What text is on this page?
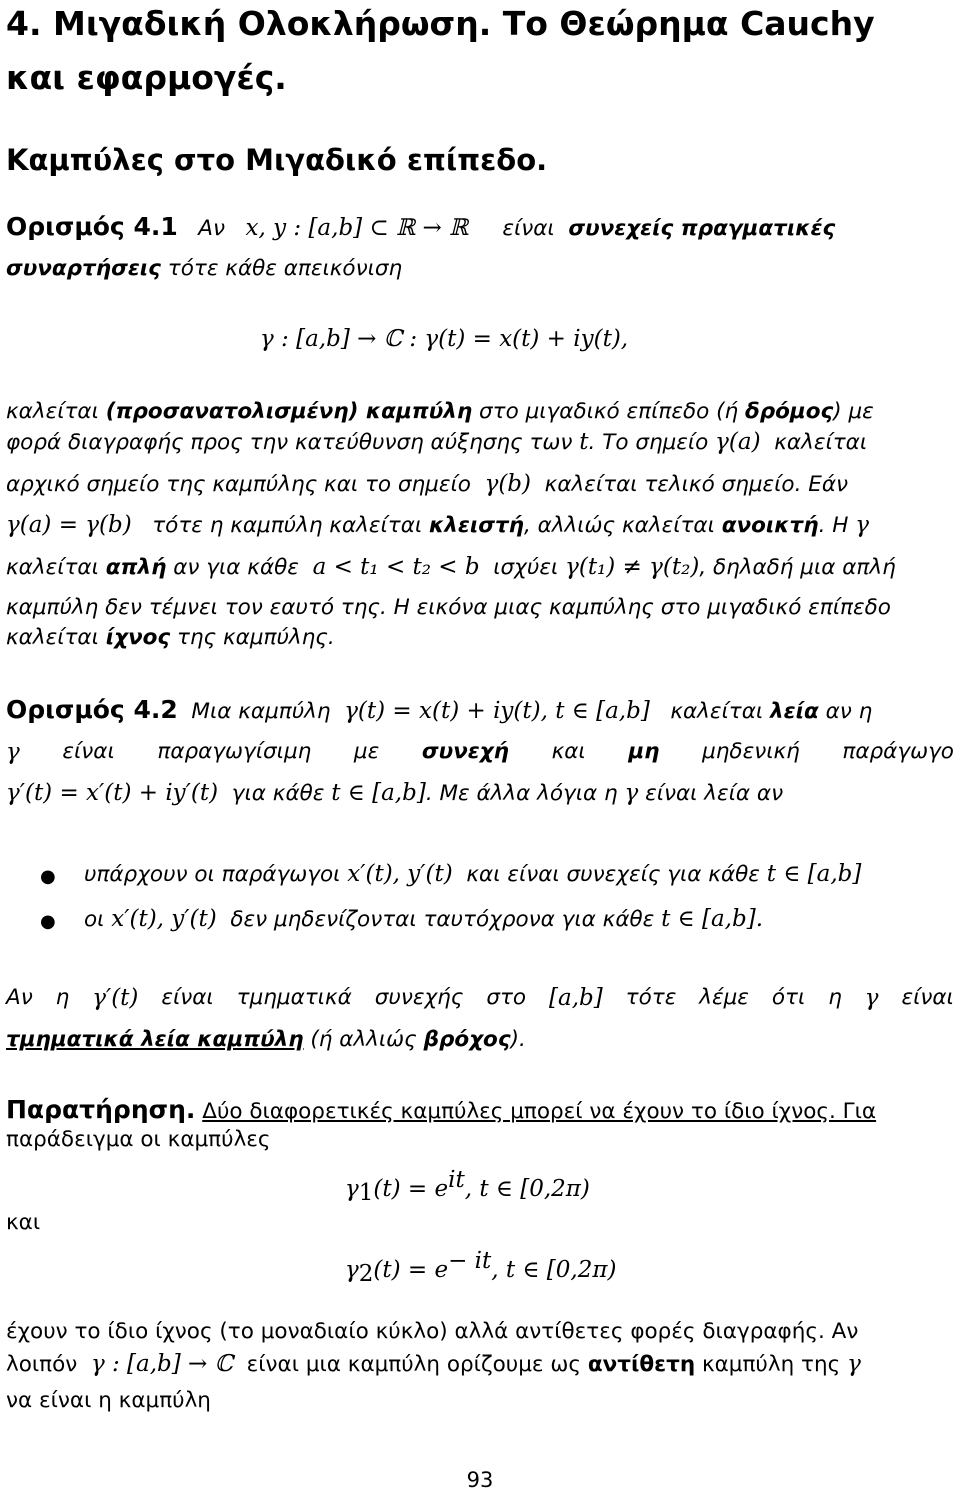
4. Μιγαδική Ολοκλήρωση. Το Θεώρημα Cauchy
και εφαρμογές.
Καμπύλες στο Μιγαδικό επίπεδο.
Ορισμός 4.1 Αν x, y : [a,b] ⊂ ℝ → ℝ είναι συνεχείς πραγματικές
συναρτήσεις τότε κάθε απεικόνιση
γ : [a,b] → ℂ : γ(t) = x(t) + iy(t),
καλείται (προσανατολισμένη) καμπύλη στο μιγαδικό επίπεδο (ή δρόμος) με
φορά διαγραφής προς την κατεύθυνση αύξησης των t. Το σημείο γ(a) καλείται
αρχικό σημείο της καμπύλης και το σημείο γ(b) καλείται τελικό σημείο. Εάν
γ(a) = γ(b) τότε η καμπύλη καλείται κλειστή, αλλιώς καλείται ανοικτή. Η γ
καλείται απλή αν για κάθε a < t₁ < t₂ < b ισχύει γ(t₁) ≠ γ(t₂), δηλαδή μια απλή
καμπύλη δεν τέμνει τον εαυτό της. Η εικόνα μιας καμπύλης στο μιγαδικό επίπεδο
καλείται ίχνος της καμπύλης.
Ορισμός 4.2 Μια καμπύλη γ(t) = x(t) + iy(t), t ∈ [a,b] καλείται λεία αν η
γ είναι παραγωγίσιμη με συνεχή και μη μηδενική παράγωγο
γ′(t) = x′(t) + iy′(t) για κάθε t ∈ [a,b]. Με άλλα λόγια η γ είναι λεία αν
● υπάρχουν οι παράγωγοι x′(t), y′(t) και είναι συνεχείς για κάθε t ∈ [a,b]
● οι x′(t), y′(t) δεν μηδενίζονται ταυτόχρονα για κάθε t ∈ [a,b].
Αν η γ′(t) είναι τμηματικά συνεχής στο [a,b] τότε λέμε ότι η γ είναι
τμηματικά λεία καμπύλη (ή αλλιώς βρόχος).
Παρατήρηση. Δύο διαφορετικές καμπύλες μπορεί να έχουν το ίδιο ίχνος. Για
παράδειγμα οι καμπύλες
$\gamma_1(t) = e^{it}$, t ∈ [0,2π)
και
$\gamma_2(t) = e^{- it}$, t ∈ [0,2π)
έχουν το ίδιο ίχνος (το μοναδιαίο κύκλο) αλλά αντίθετες φορές διαγραφής. Αν
λοιπόν γ : [a,b] → ℂ είναι μια καμπύλη ορίζουμε ως αντίθετη καμπύλη της γ
να είναι η καμπύλη
93
